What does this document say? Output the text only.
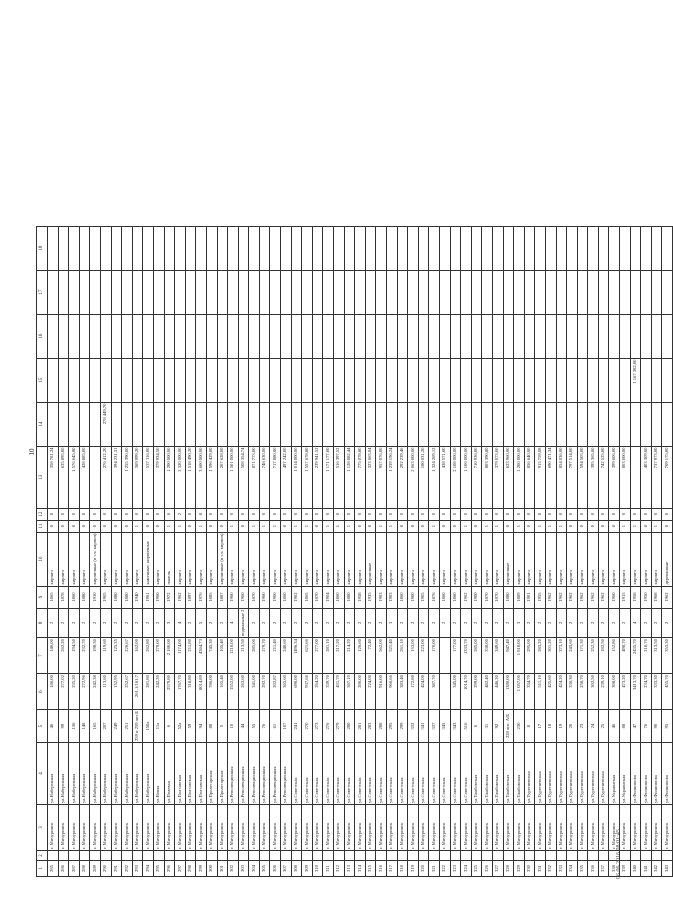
10
1	2	3	4	5	6	7	8	9	10	11	12	13	14	15	16	17	18
285		г. Мичуринск	ул.Набережная	46	186,00	146,00	2	1865	кирпич	0	0	358 781,24					
286		г. Мичуринск	ул.Набережная	99	277,02	262,20	2	1878	кирпич	0	0	635 895,00					
287		г. Мичуринск	ул.Набережная	136	235,20	194,50	2	1860	кирпич	0	0	1 576 645,80					
288		г. Мичуринск	ул.Набережная	148	272,96	232,70	2	1880	кирпич	0	0	428 885,00					
289		г. Мичуринск	ул.Набережная	165	242,38	198,30	2	1910	кирпичные (в т.ч. кирпич)	0	0						
290		г. Мичуринск	ул.Набережная	207	113,60	119,60	2	1905	кирпич	0	0	276 412,20	278 449,70				
291		г. Мичуринск	ул.Набережная	249	152,95	125,35	2	1880	кирпич	0	0	394 231,31					
292		г. Мичуринск	ул.Набережная	251	252,67	226,67	2	1880	кирпич	0	0	1 255 390,00					
293		г. Мичуринск	ул.Набережная	259 и 259 лит.Б	261,1/161,7	162,00	2	1940	кирпич	1	0	369 999,20					
294		г. Мичуринск	ул.Набережная	150а	281,80	262,80	2	1961	каменные, кирпичные	0	0	537 116,00					
295		г. Мичуринск	ул.Новая	11а	242,20	279,00	2	1960	кирпич	0	0	379 934,50					
296		г. Мичуринск	ул.Полевая	6	2579,80	2 180,00	3	1972	панель	1	6	1 200 000,00					
297		г. Мичуринск	ул.Полтавская	52а	1767,70	1174,00	4	1962	кирпич	1	2	2 320 000,00					
298		г. Мичуринск	ул.Полтавская	59	318,80	211,80	2	1897	кирпич	0	0	1 518 490,20					
299		г. Мичуринск	ул.Полтавская	94	8014,89	4364,73	5	1976	кирпич	1	8	3 600 000,00					
300		г. Мичуринск	ул.Пролетарская	88	786,00	745,30	2	1885	кирпич	0	0	1 596 429,00					
301		г. Мичуринск	ул.Пролетарская	5	165,40	105,40	2	1887	кирпичные (в т.ч. кирпич)	0	0	207 628,00					
302		г. Мичуринск	ул.Революционная	10	1552,00	1210,00	4	1960	кирпич	1	0	1 501 000,00					
303		г. Мичуринск	ул.Революционная	44	263,60	213,50	подвальные 2	1960	кирпич	0	0	508 354,74					
304		г. Мичуринск	ул.Революционная	55	341,00	285,00	2	1870	кирпич	1	0	871 773,00					
305		г. Мичуринск	ул.Революционная	76	292,70	279,70	2	1960	кирпич	1	0	748 630,00					
306		г. Мичуринск	ул.Революционная	61	202,87	211,40	2	1900	кирпич	1	0	717 880,00					
307		г. Мичуринск	ул.Революционная	107	365,60	248,60	2	1860	кирпич	0	0	497 242,00					
308		г. Мичуринск	ул.Советская	241	690,00	1496,34	2	1962	кирпич	1	0	1 014 000,00					
309		г. Мичуринск	ул.Советская	270	937,66	621,66	2	1865	кирпич	1	0	1 557 678,80					
310		г. Мичуринск	ул.Советская	273	264,20	277,00	2	1870	кирпич	0	0	239 941,52					
311		г. Мичуринск	ул.Советская	276	339,70	281,10	2	1904	кирпич	1	0	1 171 177,00					
312		г. Мичуринск	ул.Советская	279	431,70	217,20	2	1860	кирпич	1	0	516 397,52					
313		г. Мичуринск	ул.Советская	280	367,10	214,20	2	1880	кирпич	1	0	1 128 882,44					
314		г. Мичуринск	ул.Советская	281	200,00	126,60	2	1958	кирпич	0	0	775 078,80					
315		г. Мичуринск	ул.Советская	283	224,00	72,40	2	1935	кирпичные	0	0	323 663,04					
316		г. Мичуринск	ул.Советская	288	916,00	562,00	2	1903	кирпич	1	0	957 076,00					
317		г. Мичуринск	ул.Советская	295	966,66	521,40	3	1903	кирпич	1	0	1 239 196,24					
318		г. Мичуринск	ул.Советская	299	383,40	261,10	2	1860	кирпич	0	0	292 239,46					
319		г. Мичуринск	ул.Советская	332	172,80	153,00	2	1900	кирпич	0	0	2 063 000,00					
320		г. Мичуринск	ул.Советская	341	424,00	223,00	2	1905	кирпич	0	0	180 031,20					
321		г. Мичуринск	ул.Советская	337	387,70	170,00	2	1876	кирпич	1	0	1 324 269,12					
322		г. Мичуринск	ул.Советская	345			2	1860	кирпич	0	0	438 571,00					
323		г. Мичуринск	ул.Советская	343	345,00	177,00	2	1860	кирпич	0	0	2 108 000,00					
324		г. Мичуринск	ул.Советская	516	1014,70	1333,70	2	1962	кирпич	1	0	1 106 000,00					
325		г. Мичуринск	ул.Тамбовская	6	299,00	285,00	2	1900	кирпич	0	0	710 936,00					
326		г. Мичуринск	ул.Тамбовская	31	482,40	338,00	2	1870	кирпич	1	0	803 390,80					
327		г. Мичуринск	ул.Тамбовская	92	446,30	349,60	2	1870	кирпич	1	0	379 073,00					
328		г. Мичуринск	ул.Тамбовская	228 лит. А/Б	1380,00	947,40	2	1880	кирпичные	0	0	623 960,00					
329		г. Мичуринск	ул.Тамбовская	230	1 057,00	1 818,00	3	1889	кирпич	1	0	1 200 000,00					
330		г. Мичуринск	ул.Тургеневская	8	334,70	295,00	2	1901	кирпич	0	0	856 640,00					
331		г. Мичуринск	ул.Тургеневская	17	511,10	283,20	2	1955	кирпич	1	0	915 759,08					
332		г. Мичуринск	ул.Тургеневская	18	425,60	301,20	2	1962	кирпич	1	0	690 471,34					
333		г. Мичуринск	ул.Тургеневская	19	424,20	373,10	2	1962	кирпич	1	0	854 036,00					
334		г. Мичуринск	ул.Тургеневская	20	336,30	243,60	2	1962	кирпич	0	0	797 514,00					
335		г. Мичуринск	ул.Тургеневская	23	258,70	171,30	2	1962	кирпич	0	0	594 505,00					
336		г. Мичуринск	ул.Тургеневская	24	302,50	252,30	2	1962	кирпич	0	0	395 365,00					
337		г. Мичуринск	ул.Тургеневская	25	239,10	182,50	2	1962	кирпич	0	0	742 525,00					
338		г. Мичуринск	ул.Украинская	46	308,00	152,80	2	1960	кирпич	0	0	399 606,00					
339		г. Мичуринск	ул.Украинская	88	473,20	498,70	2	1915	кирпич	1	0	803 000,00					
340		г. Мичуринск	ул.Филиппова	47	3413,70	2435,70	4	1958	кирпич	1	0			1 167 382,00			
341		г. Мичуринск	ул.Филиппова	76	234,70	210,70	2	1950	кирпич	0	0	403 309,00					
342		г. Мичуринск	ул.Филиппова	90	333,30	313,50	2	1968	кирпич	1	0	737 973,00					
343		г. Мичуринск	ул.Филиппова	95	455,70	353,30	2	1962	деревянные	0	0	709 175,00					
06.06.2016 08:01:45
